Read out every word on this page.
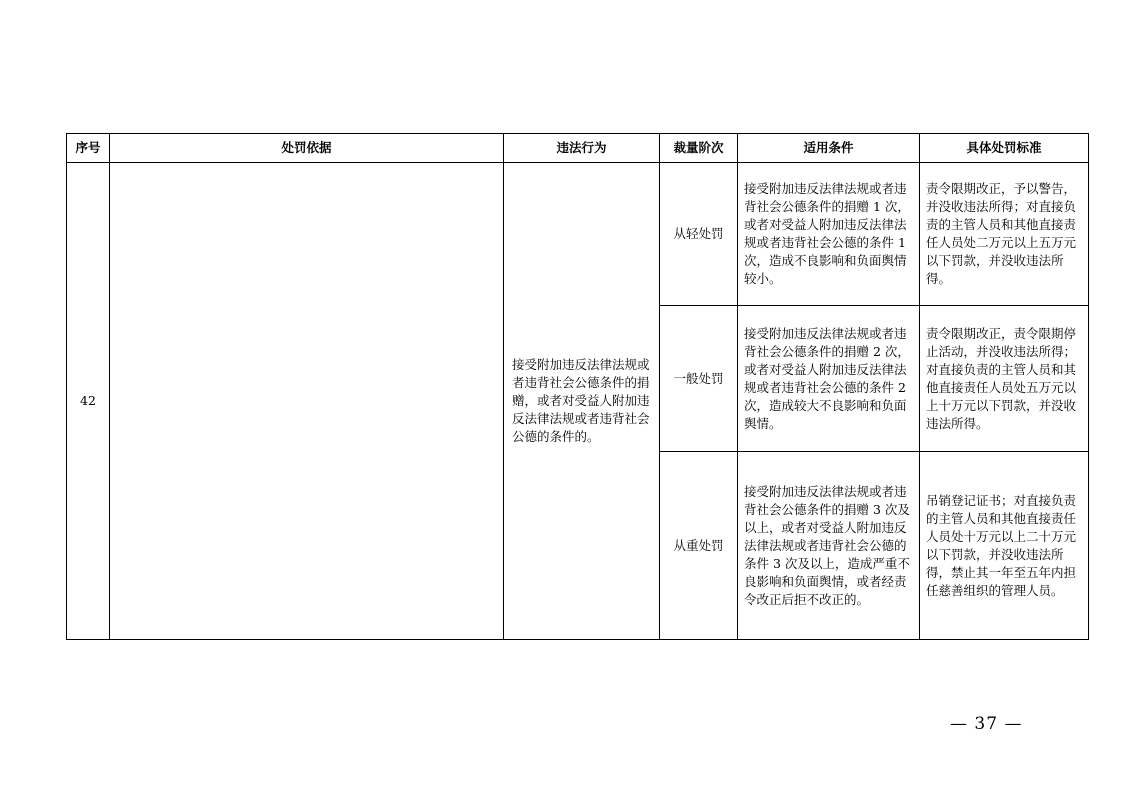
序号	处罚依据	违法行为	裁量阶次	适用条件	具体处罚标准
42		接受附加违反法律法规或者违背社会公德条件的捐赠，或者对受益人附加违反法律法规或者违背社会公德的条件的。	从轻处罚	接受附加违反法律法规或者违背社会公德条件的捐赠 1 次，或者对受益人附加违反法律法规或者违背社会公德的条件 1 次，造成不良影响和负面舆情较小。	责令限期改正，予以警告，并没收违法所得；对直接负责的主管人员和其他直接责任人员处二万元以上五万元以下罚款，并没收违法所得。
			一般处罚	接受附加违反法律法规或者违背社会公德条件的捐赠 2 次，或者对受益人附加违反法律法规或者违背社会公德的条件 2 次，造成较大不良影响和负面舆情。	责令限期改正，责令限期停止活动，并没收违法所得；对直接负责的主管人员和其他直接责任人员处五万元以上十万元以下罚款，并没收违法所得。
			从重处罚	接受附加违反法律法规或者违背社会公德条件的捐赠 3 次及以上，或者对受益人附加违反法律法规或者违背社会公德的条件 3 次及以上，造成严重不良影响和负面舆情，或者经责令改正后拒不改正的。	吊销登记证书；对直接负责的主管人员和其他直接责任人员处十万元以上二十万元以下罚款，并没收违法所得，禁止其一年至五年内担任慈善组织的管理人员。
— 37 —
